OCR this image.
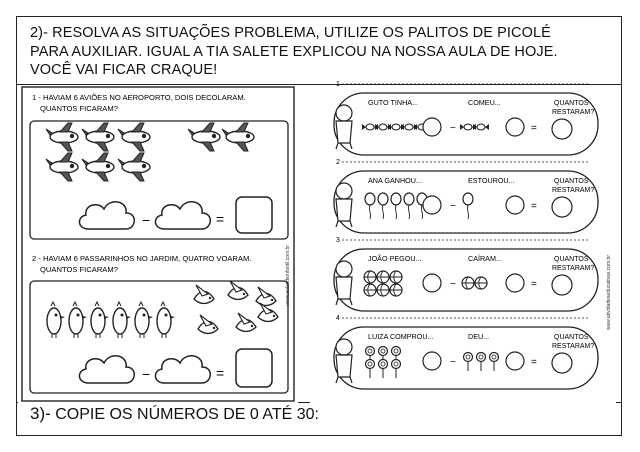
2)- RESOLVA AS SITUAÇÕES PROBLEMA, UTILIZE OS PALITOS DE PICOLÉ
PARA AUXILIAR. IGUAL A TIA SALETE EXPLICOU NA NOSSA AULA DE HOJE.
VOCÊ VAI FICAR CRAQUE!
1 - HAVIAM 6 AVIÕES NO AEROPORTO, DOIS DECOLARAM.
QUANTOS FICARAM?
−	=
2 - HAVIAM 6 PASSARINHOS NO JARDIM, QUATRO VOARAM.
QUANTOS FICARAM?
−	=
www.aulasdeinfantil.com.br
1
GUTO TINHA...	COMEU...	QUANTOS
RESTARAM?
−	=
2
ANA GANHOU...	ESTOUROU...	QUANTOS
RESTARAM?
−	=
3
JOÃO PEGOU...	CAÍRAM...	QUANTOS
RESTARAM?
−	=
4
LUIZA COMPROU...	DEU...	QUANTOS
RESTARAM?
−	=
www.atividadeseducativas.com.br
3)- COPIE OS NÚMEROS DE 0 ATÉ 30:
